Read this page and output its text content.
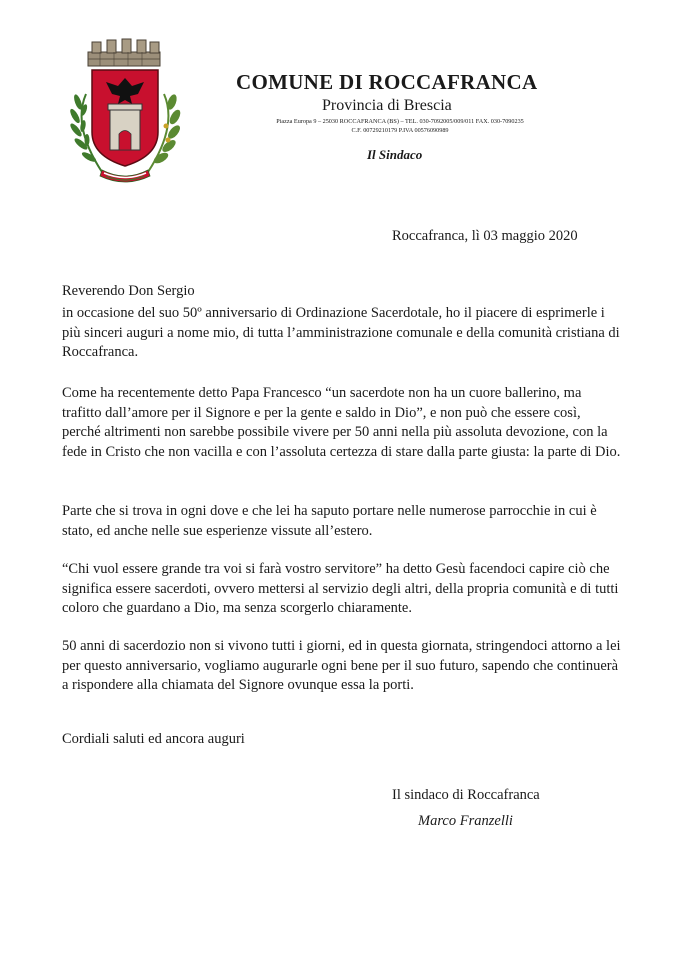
COMUNE DI ROCCAFRANCA
Provincia di Brescia
Piazza Europa 9 – 25030 ROCCAFRANCA (BS) – TEL. 030-7092005/009/011 FAX. 030-7090235
C.F. 00729210179 P.IVA 00576090989
Il Sindaco
Roccafranca, lì 03 maggio 2020
Reverendo Don Sergio

in occasione del suo 50º anniversario di Ordinazione Sacerdotale, ho il piacere di esprimerle i più sinceri auguri a nome mio, di tutta l’amministrazione comunale e della comunità cristiana di Roccafranca.

Come ha recentemente detto Papa Francesco “un sacerdote non ha un cuore ballerino, ma trafitto dall’amore per il Signore e per la gente e saldo in Dio”, e non può che essere così, perché altrimenti non sarebbe possibile vivere per 50 anni nella più assoluta devozione, con la fede in Cristo che non vacilla e con l’assoluta certezza di stare dalla parte giusta: la parte di Dio.

Parte che si trova in ogni dove e che lei ha saputo portare nelle numerose parrocchie in cui è stato, ed anche nelle sue esperienze vissute all’estero.

“Chi vuol essere grande tra voi si farà vostro servitore” ha detto Gesù facendoci capire ciò che significa essere sacerdoti, ovvero mettersi al servizio degli altri, della propria comunità e di tutti coloro che guardano a Dio, ma senza scorgerlo chiaramente.

50 anni di sacerdozio non si vivono tutti i giorni, ed in questa giornata, stringendoci attorno a lei per questo anniversario, vogliamo augurarle ogni bene per il suo futuro, sapendo che continuerà a rispondere alla chiamata del Signore ovunque essa la porti.

Cordiali saluti ed ancora auguri
Il sindaco di Roccafranca
Marco Franzelli
